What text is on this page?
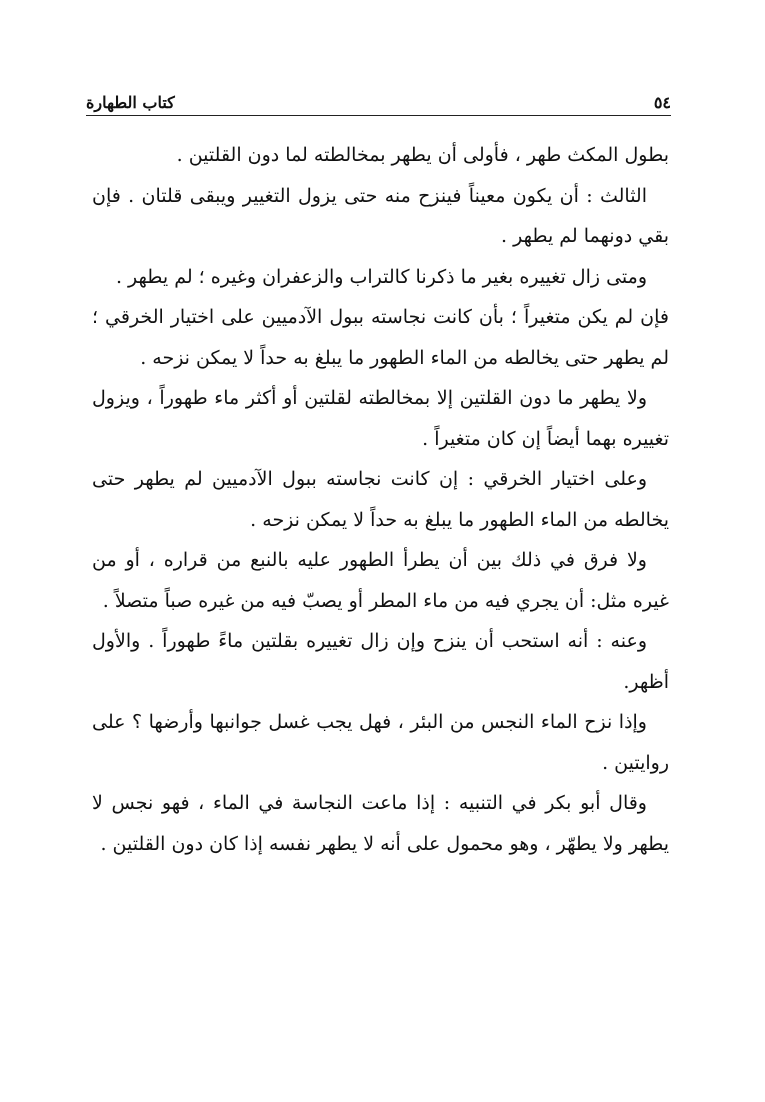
٥٤
كتاب الطهارة

بطول المكث طهر ، فأولى أن يطهر بمخالطته لما دون القلتين .

الثالث : أن يكون معيناً فينزح منه حتى يزول التغيير ويبقى قلتان . فإن بقي دونهما لم يطهر .

ومتى زال تغييره بغير ما ذكرنا كالتراب والزعفران وغيره ؛ لم يطهر .

فإن لم يكن متغيراً ؛ بأن كانت نجاسته ببول الآدميين على اختيار الخرقي ؛ لم يطهر حتى يخالطه من الماء الطهور ما يبلغ به حداً لا يمكن نزحه .

ولا يطهر ما دون القلتين إلا بمخالطته لقلتين أو أكثر ماء طهوراً ، ويزول تغييره بهما أيضاً إن كان متغيراً .

وعلى اختيار الخرقي : إن كانت نجاسته ببول الآدميين لم يطهر حتى يخالطه من الماء الطهور ما يبلغ به حداً لا يمكن نزحه .

ولا فرق في ذلك بين أن يطرأ الطهور عليه بالنبع من قراره ، أو من غيره مثل: أن يجري فيه من ماء المطر أو يصبّ فيه من غيره صباً متصلاً .

وعنه : أنه استحب أن ينزح وإن زال تغييره بقلتين ماءً طهوراً . والأول أظهر.

وإذا نزح الماء النجس من البئر ، فهل يجب غسل جوانبها وأرضها ؟ على روايتين .

وقال أبو بكر في التنبيه : إذا ماعت النجاسة في الماء ، فهو نجس لا يطهر ولا يطهّر ، وهو محمول على أنه لا يطهر نفسه إذا كان دون القلتين .
